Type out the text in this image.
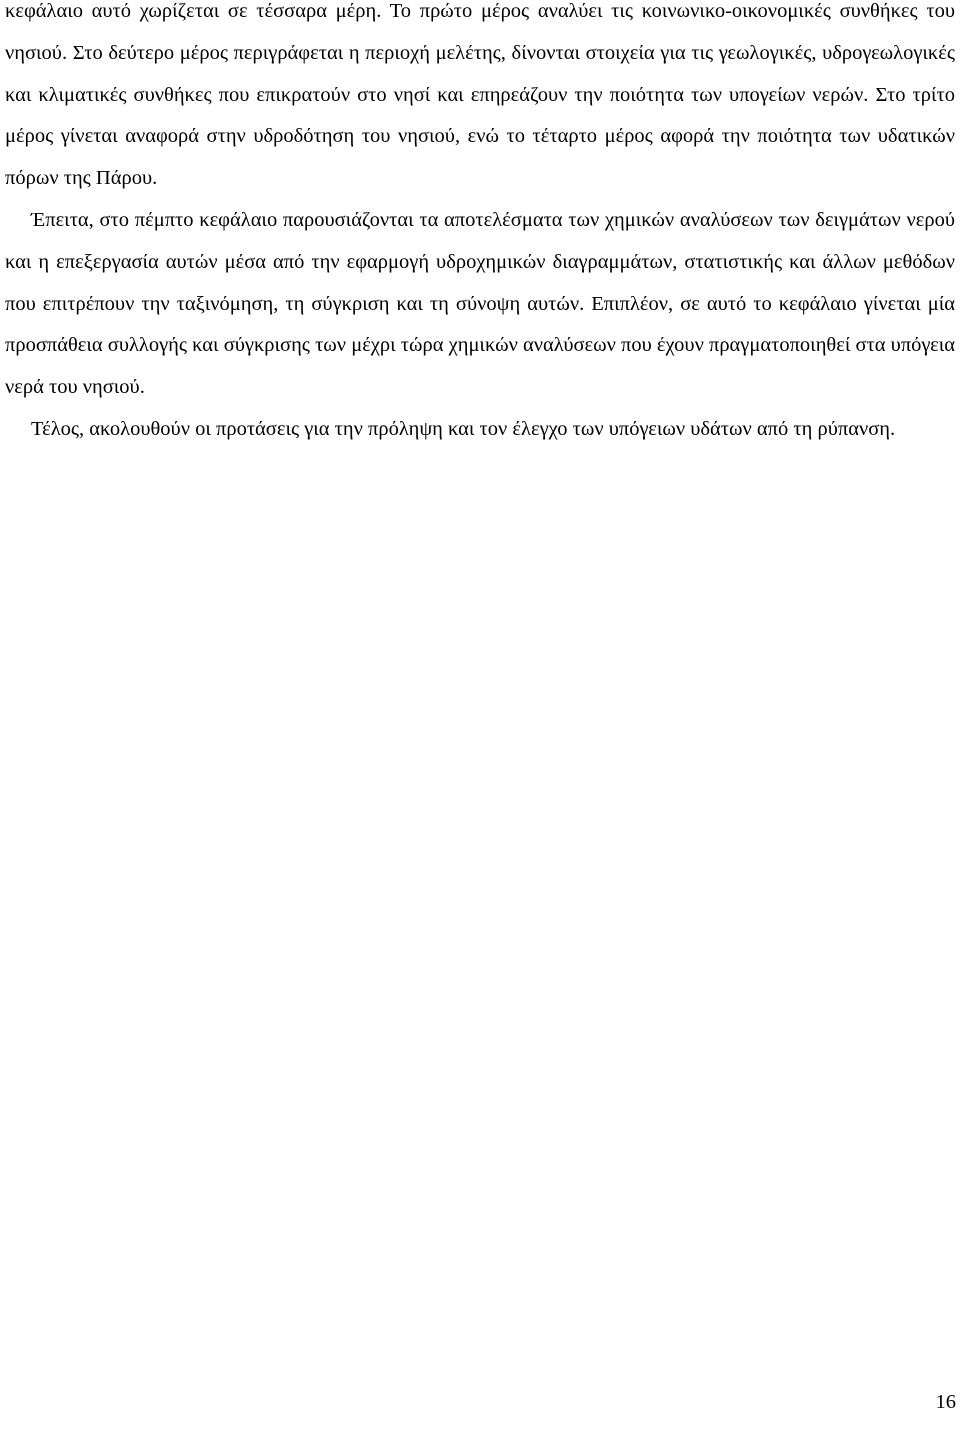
κεφάλαιο αυτό χωρίζεται σε τέσσαρα μέρη. Το πρώτο μέρος αναλύει τις κοινωνικο-οικονομικές συνθήκες του νησιού. Στο δεύτερο μέρος περιγράφεται η περιοχή μελέτης, δίνονται στοιχεία για τις γεωλογικές, υδρογεωλογικές και κλιματικές συνθήκες που επικρατούν στο νησί και επηρεάζουν την ποιότητα των υπογείων νερών. Στο τρίτο μέρος γίνεται αναφορά στην υδροδότηση του νησιού, ενώ το τέταρτο μέρος αφορά την ποιότητα των υδατικών πόρων της Πάρου.

Έπειτα, στο πέμπτο κεφάλαιο παρουσιάζονται τα αποτελέσματα των χημικών αναλύσεων των δειγμάτων νερού και η επεξεργασία αυτών μέσα από την εφαρμογή υδροχημικών διαγραμμάτων, στατιστικής και άλλων μεθόδων που επιτρέπουν την ταξινόμηση, τη σύγκριση και τη σύνοψη αυτών. Επιπλέον, σε αυτό το κεφάλαιο γίνεται μία προσπάθεια συλλογής και σύγκρισης των μέχρι τώρα χημικών αναλύσεων που έχουν πραγματοποιηθεί στα υπόγεια νερά του νησιού.

Τέλος, ακολουθούν οι προτάσεις για την πρόληψη και τον έλεγχο των υπόγειων υδάτων από τη ρύπανση.

16
